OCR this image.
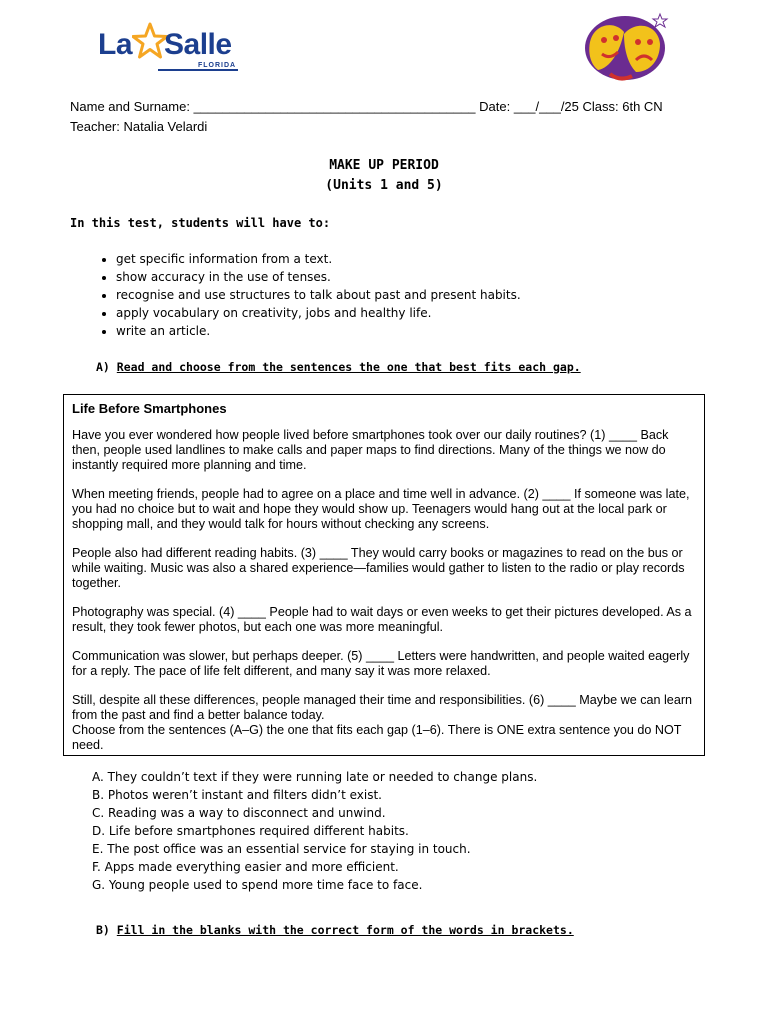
La Salle
FLORIDA
Name and Surname: _______________________________________ Date: ___/___/25 Class: 6th CN
Teacher: Natalia Velardi
MAKE UP PERIOD
(Units 1 and 5)
In this test, students will have to:
• get specific information from a text.
• show accuracy in the use of tenses.
• recognise and use structures to talk about past and present habits.
• apply vocabulary on creativity, jobs and healthy life.
• write an article.
A) Read and choose from the sentences the one that best fits each gap.
Life Before Smartphones

Have you ever wondered how people lived before smartphones took over our daily routines? (1) ____ Back then, people used landlines to make calls and paper maps to find directions. Many of the things we now do instantly required more planning and time.

When meeting friends, people had to agree on a place and time well in advance. (2) ____ If someone was late, you had no choice but to wait and hope they would show up. Teenagers would hang out at the local park or shopping mall, and they would talk for hours without checking any screens.

People also had different reading habits. (3) ____ They would carry books or magazines to read on the bus or while waiting. Music was also a shared experience—families would gather to listen to the radio or play records together.

Photography was special. (4) ____ People had to wait days or even weeks to get their pictures developed. As a result, they took fewer photos, but each one was more meaningful.

Communication was slower, but perhaps deeper. (5) ____ Letters were handwritten, and people waited eagerly for a reply. The pace of life felt different, and many say it was more relaxed.

Still, despite all these differences, people managed their time and responsibilities. (6) ____ Maybe we can learn from the past and find a better balance today.

Choose from the sentences (A–G) the one that fits each gap (1–6). There is ONE extra sentence you do NOT need.

A. They couldn’t text if they were running late or needed to change plans.
B. Photos weren’t instant and filters didn’t exist.
C. Reading was a way to disconnect and unwind.
D. Life before smartphones required different habits.
E. The post office was an essential service for staying in touch.
F. Apps made everything easier and more efficient.
G. Young people used to spend more time face to face.
B) Fill in the blanks with the correct form of the words in brackets.
